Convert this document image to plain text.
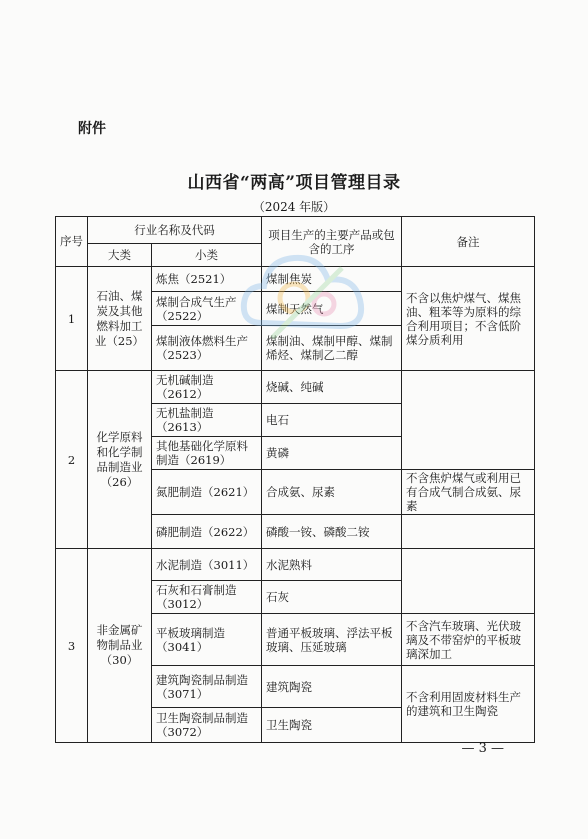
附件
山西省“两高”项目管理目录
（2024 年版）
序号	行业名称及代码		项目生产的主要产品或包含的工序	备注
	大类	小类		
1	石油、煤炭及其他燃料加工业（25）	炼焦（2521）	煤制焦炭	不含以焦炉煤气、煤焦油、粗苯等为原料的综合利用项目；不含低阶煤分质利用
		煤制合成气生产（2522）	煤制天然气	
		煤制液体燃料生产（2523）	煤制油、煤制甲醇、煤制烯烃、煤制乙二醇	
2	化学原料和化学制品制造业（26）	无机碱制造（2612）	烧碱、纯碱	
		无机盐制造（2613）	电石	
		其他基础化学原料制造（2619）	黄磷	
		氮肥制造（2621）	合成氨、尿素	不含焦炉煤气或利用已有合成气制合成氨、尿素
		磷肥制造（2622）	磷酸一铵、磷酸二铵	
3	非金属矿物制品业（30）	水泥制造（3011）	水泥熟料	
		石灰和石膏制造（3012）	石灰	
		平板玻璃制造（3041）	普通平板玻璃、浮法平板玻璃、压延玻璃	不含汽车玻璃、光伏玻璃及不带窑炉的平板玻璃深加工
		建筑陶瓷制品制造（3071）	建筑陶瓷	不含利用固废材料生产的建筑和卫生陶瓷
		卫生陶瓷制品制造（3072）	卫生陶瓷	
— 3 —
